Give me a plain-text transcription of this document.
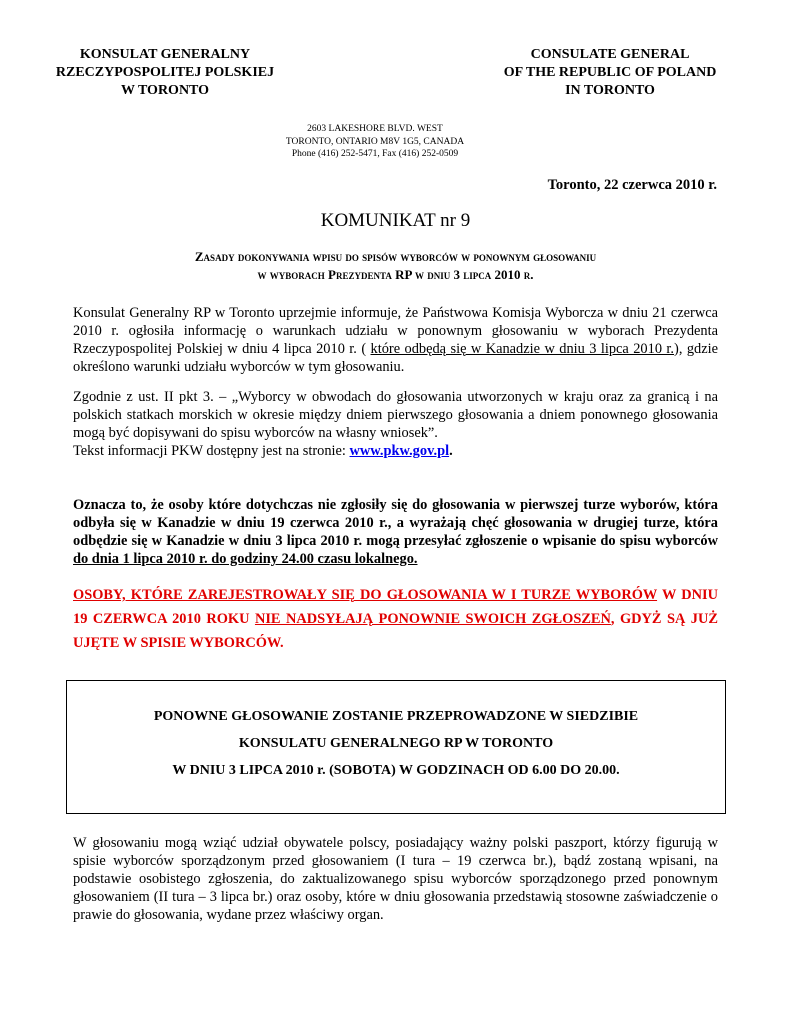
KONSULAT GENERALNY
RZECZYPOSPOLITEJ POLSKIEJ
W TORONTO
CONSULATE GENERAL
OF THE REPUBLIC OF POLAND
IN TORONTO
2603 LAKESHORE BLVD. WEST
TORONTO, ONTARIO M8V 1G5, CANADA
Phone (416) 252-5471, Fax (416) 252-0509
Toronto, 22 czerwca 2010 r.
KOMUNIKAT nr 9
Zasady dokonywania wpisu do spisów wyborców w ponownym głosowaniu
w wyborach Prezydenta RP w dniu 3 lipca 2010 r.

Konsulat Generalny RP w Toronto uprzejmie informuje, że Państwowa Komisja Wyborcza w dniu 21 czerwca 2010 r. ogłosiła informację o warunkach udziału w ponownym głosowaniu w wyborach Prezydenta Rzeczypospolitej Polskiej w dniu 4 lipca 2010 r. ( które odbędą się w Kanadzie w dniu 3 lipca 2010 r.), gdzie określono warunki udziału wyborców w tym głosowaniu.

Zgodnie z ust. II pkt 3. – „Wyborcy w obwodach do głosowania utworzonych w kraju oraz za granicą i na polskich statkach morskich w okresie między dniem pierwszego głosowania a dniem ponownego głosowania mogą być dopisywani do spisu wyborców na własny wniosek”.

Tekst informacji PKW dostępny jest na stronie: www.pkw.gov.pl.

Oznacza to, że osoby które dotychczas nie zgłosiły się do głosowania w pierwszej turze wyborów, która odbyła się w Kanadzie w dniu 19 czerwca 2010 r., a wyrażają chęć głosowania w drugiej turze, która odbędzie się w Kanadzie w dniu 3 lipca 2010 r. mogą przesyłać zgłoszenie o wpisanie do spisu wyborców do dnia 1 lipca 2010 r. do godziny 24.00 czasu lokalnego.

OSOBY, KTÓRE ZAREJESTROWAŁY SIĘ DO GŁOSOWANIA W I TURZE WYBORÓW W DNIU 19 CZERWCA 2010 ROKU NIE NADSYŁAJĄ PONOWNIE SWOICH ZGŁOSZEŃ, GDYŻ SĄ JUŻ UJĘTE W SPISIE WYBORCÓW.

PONOWNE GŁOSOWANIE ZOSTANIE PRZEPROWADZONE W SIEDZIBIE
KONSULATU GENERALNEGO RP W TORONTO
W DNIU 3 LIPCA 2010 r. (SOBOTA) W GODZINACH OD 6.00 DO 20.00.

W głosowaniu mogą wziąć udział obywatele polscy, posiadający ważny polski paszport, którzy figurują w spisie wyborców sporządzonym przed głosowaniem (I tura – 19 czerwca br.), bądź zostaną wpisani, na podstawie osobistego zgłoszenia, do zaktualizowanego spisu wyborców sporządzonego przed ponownym głosowaniem (II tura – 3 lipca br.) oraz osoby, które w dniu głosowania przedstawią stosowne zaświadczenie o prawie do głosowania, wydane przez właściwy organ.
